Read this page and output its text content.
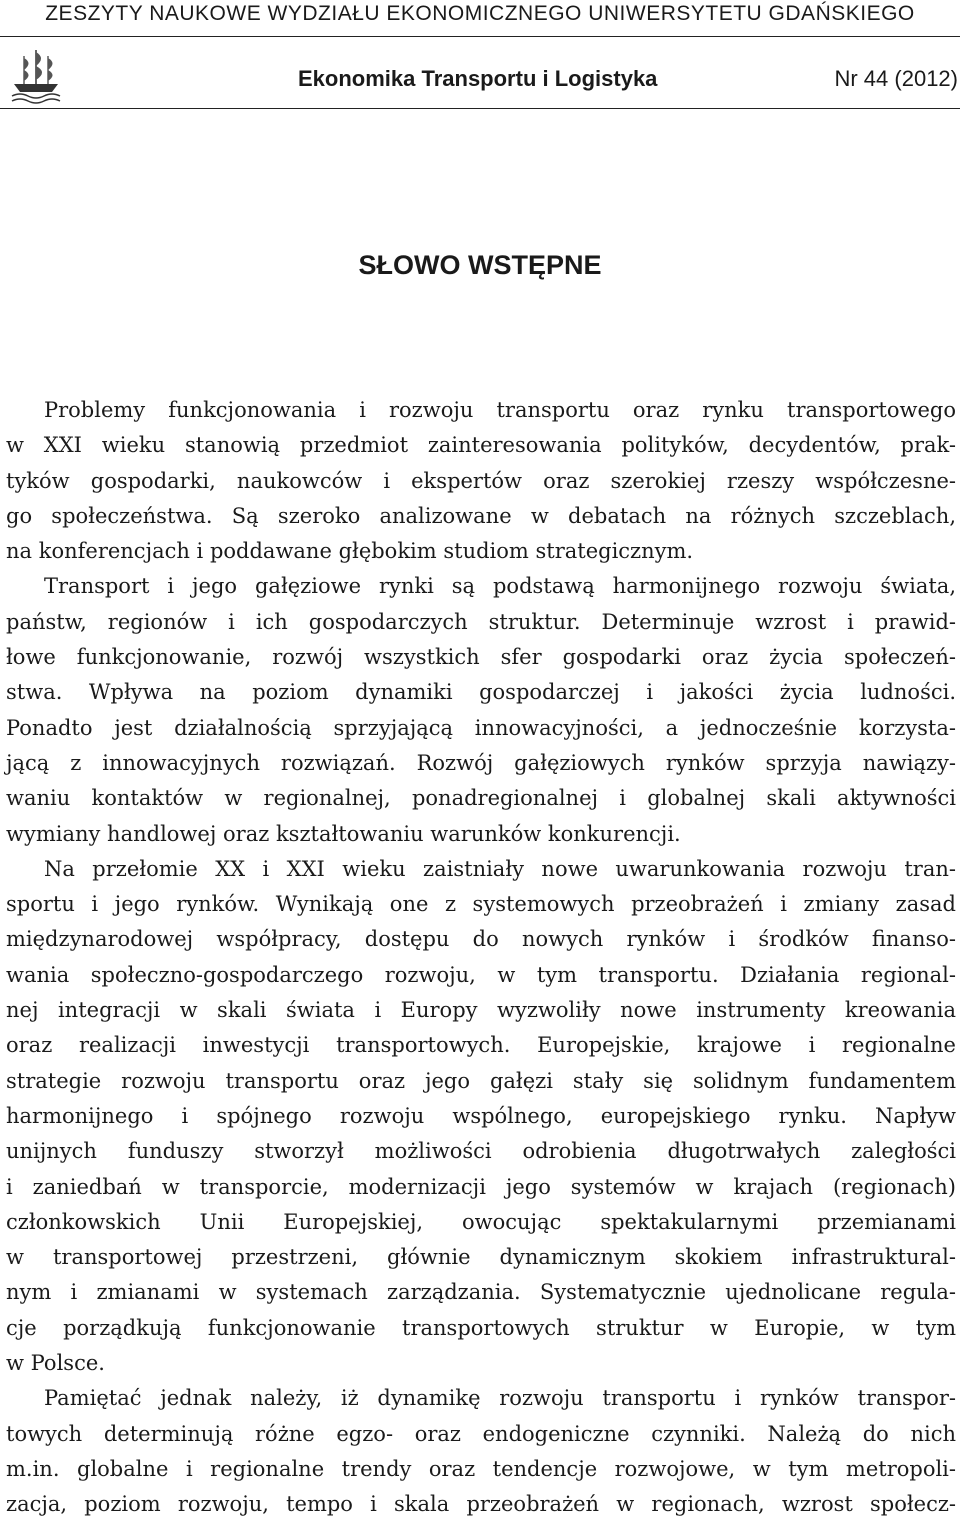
ZESZYTY NAUKOWE WYDZIAŁU EKONOMICZNEGO UNIWERSYTETU GDAŃSKIEGO
Ekonomika Transportu i Logistyka	Nr 44 (2012)
SŁOWO WSTĘPNE
Problemy funkcjonowania i rozwoju transportu oraz rynku transportowego
w XXI wieku stanowią przedmiot zainteresowania polityków, decydentów, prak-
tyków gospodarki, naukowców i ekspertów oraz szerokiej rzeszy współczesne-
go społeczeństwa. Są szeroko analizowane w debatach na różnych szczeblach,
na konferencjach i poddawane głębokim studiom strategicznym.
Transport i jego gałęziowe rynki są podstawą harmonijnego rozwoju świata,
państw, regionów i ich gospodarczych struktur. Determinuje wzrost i prawid-
łowe funkcjonowanie, rozwój wszystkich sfer gospodarki oraz życia społeczeń-
stwa. Wpływa na poziom dynamiki gospodarczej i jakości życia ludności.
Ponadto jest działalnością sprzyjającą innowacyjności, a jednocześnie korzysta-
jącą z innowacyjnych rozwiązań. Rozwój gałęziowych rynków sprzyja nawiązy-
waniu kontaktów w regionalnej, ponadregionalnej i globalnej skali aktywności
wymiany handlowej oraz kształtowaniu warunków konkurencji.
Na przełomie XX i XXI wieku zaistniały nowe uwarunkowania rozwoju tran-
sportu i jego rynków. Wynikają one z systemowych przeobrażeń i zmiany zasad
międzynarodowej współpracy, dostępu do nowych rynków i środków finanso-
wania społeczno-gospodarczego rozwoju, w tym transportu. Działania regional-
nej integracji w skali świata i Europy wyzwoliły nowe instrumenty kreowania
oraz realizacji inwestycji transportowych. Europejskie, krajowe i regionalne
strategie rozwoju transportu oraz jego gałęzi stały się solidnym fundamentem
harmonijnego i spójnego rozwoju wspólnego, europejskiego rynku. Napływ
unijnych funduszy stworzył możliwości odrobienia długotrwałych zaległości
i zaniedbań w transporcie, modernizacji jego systemów w krajach (regionach)
członkowskich Unii Europejskiej, owocując spektakularnymi przemianami
w transportowej przestrzeni, głównie dynamicznym skokiem infrastruktural-
nym i zmianami w systemach zarządzania. Systematycznie ujednolicane regula-
cje porządkują funkcjonowanie transportowych struktur w Europie, w tym
w Polsce.
Pamiętać jednak należy, iż dynamikę rozwoju transportu i rynków transpor-
towych determinują różne egzo- oraz endogeniczne czynniki. Należą do nich
m.in. globalne i regionalne trendy oraz tendencje rozwojowe, w tym metropoli-
zacja, poziom rozwoju, tempo i skala przeobrażeń w regionach, wzrost społecz-
